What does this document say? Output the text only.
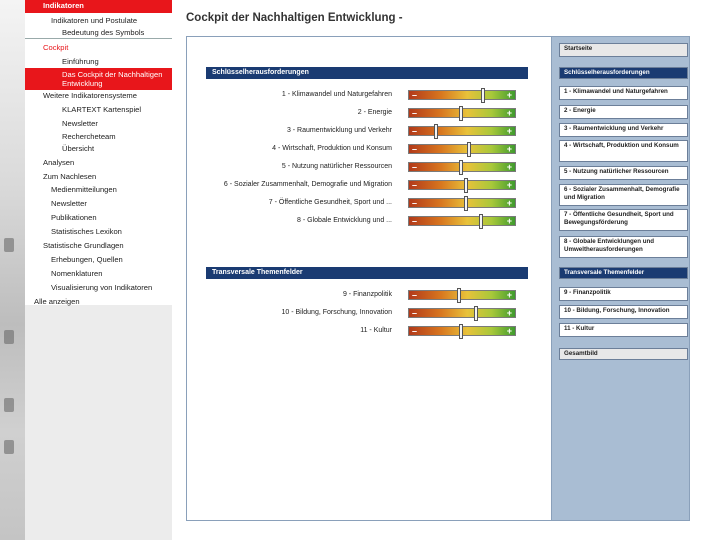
Indikatoren
Indikatoren und Postulate
Bedeutung des Symbols
Cockpit
Einführung
Das Cockpit der Nachhaltigen Entwicklung
Weitere Indikatorensysteme
KLARTEXT Kartenspiel
Newsletter
Rechercheteam
Übersicht
Analysen
Zum Nachlesen
Medienmitteilungen
Newsletter
Publikationen
Statistisches Lexikon
Statistische Grundlagen
Erhebungen, Quellen
Nomenklaturen
Visualisierung von Indikatoren
Alle anzeigen
Cockpit der Nachhaltigen Entwicklung -
Schlüsselherausforderungen
Transversale Themenfelder
1 - Klimawandel und Naturgefahren –	+
2 - Energie –	+
3 - Raumentwicklung und Verkehr –	+
4 - Wirtschaft, Produktion und Konsum –	+
5 - Nutzung natürlicher Ressourcen –	+
6 - Sozialer Zusammenhalt, Demografie und Migration –	+
7 - Öffentliche Gesundheit, Sport und ... –	+
8 - Globale Entwicklung und ... –	+
9 - Finanzpolitik –	+
10 - Bildung, Forschung, Innovation –	+
11 - Kultur –	+
Startseite
Schlüsselherausforderungen
1 - Klimawandel und Naturgefahren
2 - Energie
3 - Raumentwicklung und Verkehr
4 - Wirtschaft, Produktion und Konsum
5 - Nutzung natürlicher Ressourcen
6 - Sozialer Zusammenhalt, Demografie und Migration
7 - Öffentliche Gesundheit, Sport und Bewegungsförderung
8 - Globale Entwicklungen und Umweltherausforderungen
Transversale Themenfelder
9 - Finanzpolitik
10 - Bildung, Forschung, Innovation
11 - Kultur
Gesamtbild
